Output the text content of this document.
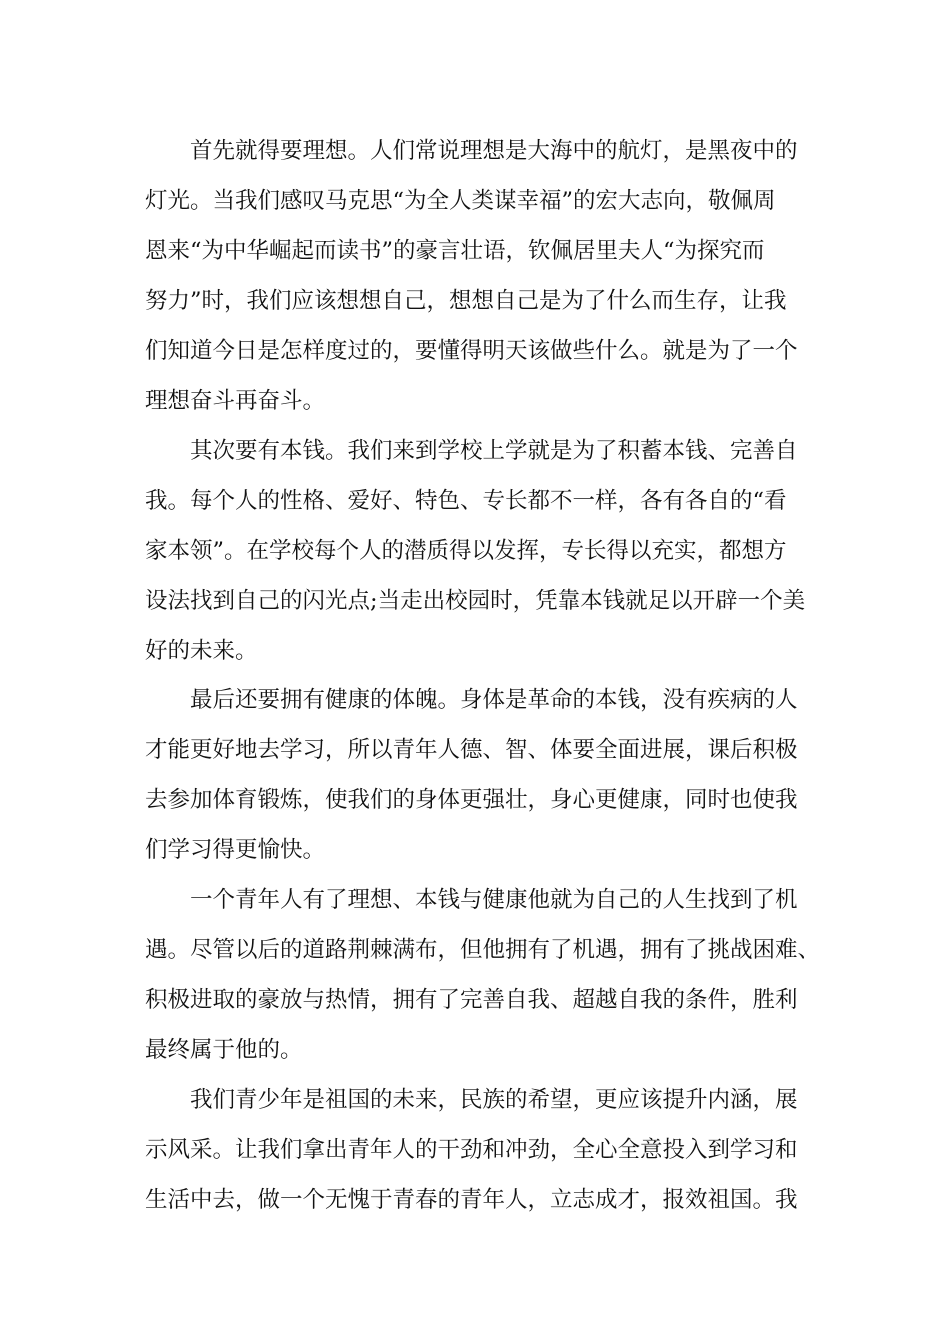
首先就得要理想。人们常说理想是大海中的航灯，是黑夜中的
灯光。当我们感叹马克思“为全人类谋幸福”的宏大志向，敬佩周
恩来“为中华崛起而读书”的豪言壮语，钦佩居里夫人“为探究而
努力”时，我们应该想想自己，想想自己是为了什么而生存，让我
们知道今日是怎样度过的，要懂得明天该做些什么。就是为了一个
理想奋斗再奋斗。
其次要有本钱。我们来到学校上学就是为了积蓄本钱、完善自
我。每个人的性格、爱好、特色、专长都不一样，各有各自的“看
家本领”。在学校每个人的潜质得以发挥，专长得以充实，都想方
设法找到自己的闪光点;当走出校园时，凭靠本钱就足以开辟一个美
好的未来。
最后还要拥有健康的体魄。身体是革命的本钱，没有疾病的人
才能更好地去学习，所以青年人德、智、体要全面进展，课后积极
去参加体育锻炼，使我们的身体更强壮，身心更健康，同时也使我
们学习得更愉快。
一个青年人有了理想、本钱与健康他就为自己的人生找到了机
遇。尽管以后的道路荆棘满布，但他拥有了机遇，拥有了挑战困难、
积极进取的豪放与热情，拥有了完善自我、超越自我的条件，胜利
最终属于他的。
我们青少年是祖国的未来，民族的希望，更应该提升内涵，展
示风采。让我们拿出青年人的干劲和冲劲，全心全意投入到学习和
生活中去，做一个无愧于青春的青年人，立志成才，报效祖国。我
